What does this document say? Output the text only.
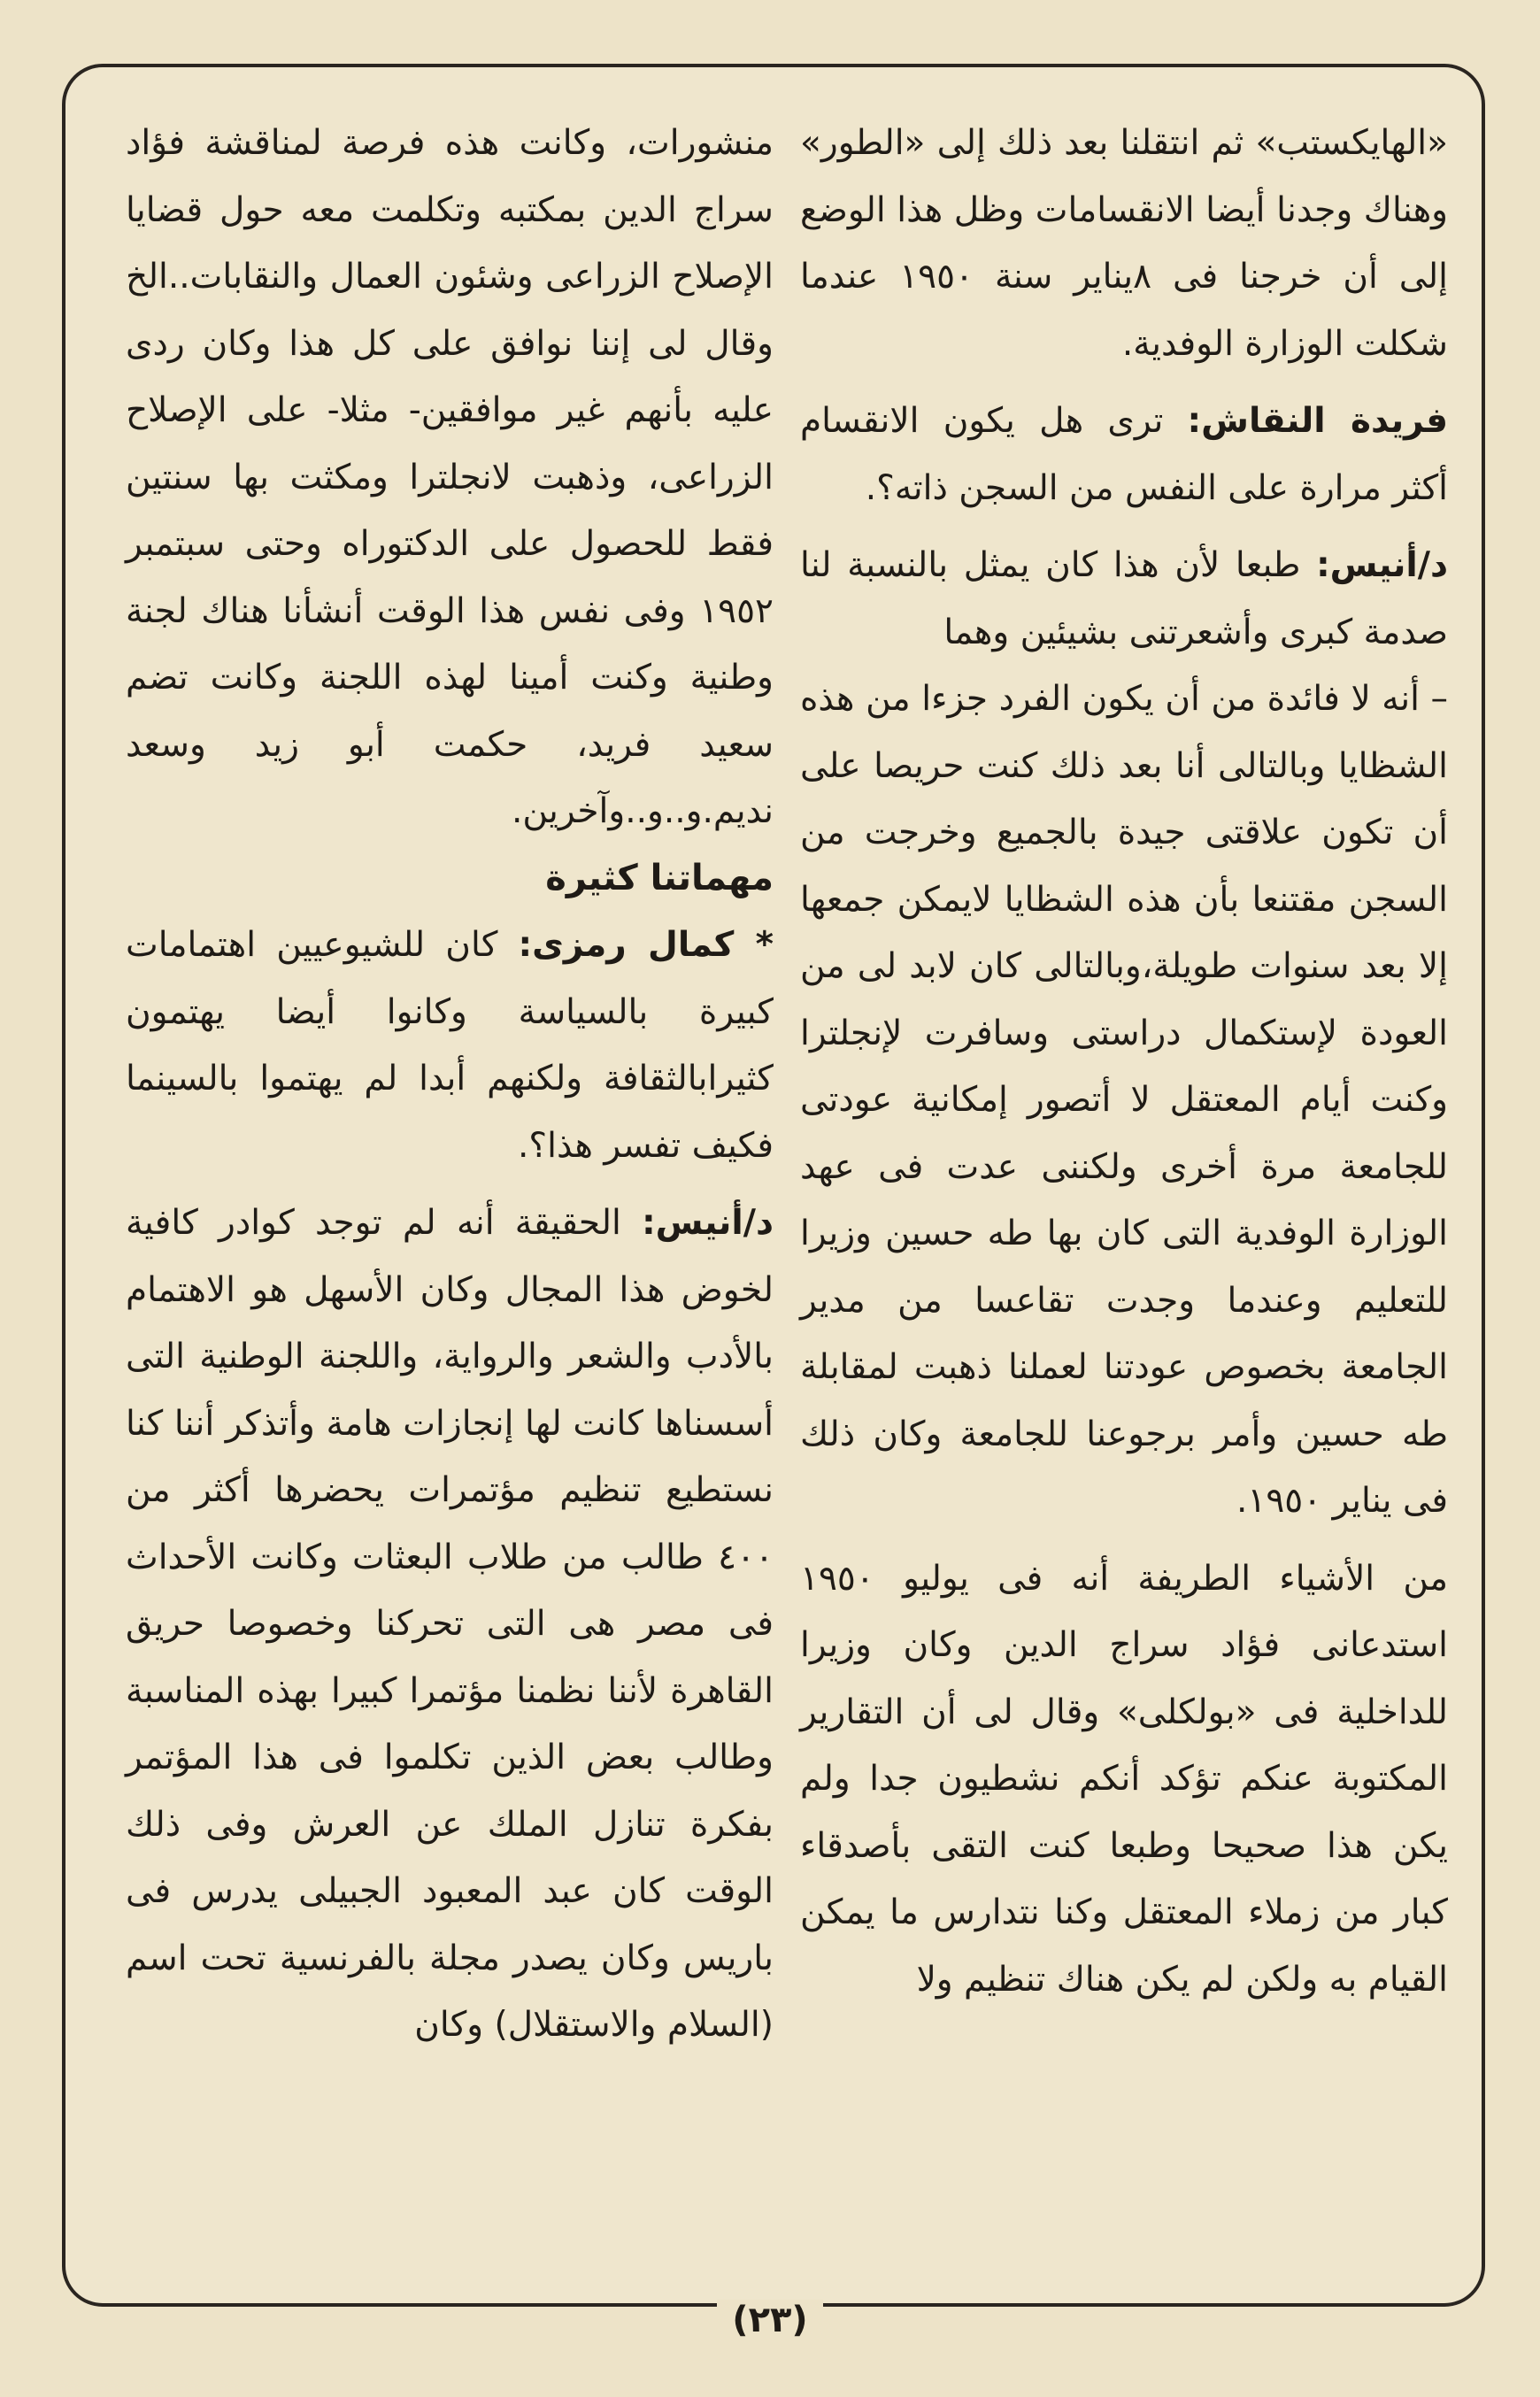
«الهايكستب» ثم انتقلنا بعد ذلك إلى «الطور» وهناك وجدنا أيضا الانقسامات وظل هذا الوضع إلى أن خرجنا فى ٨يناير سنة ١٩٥٠ عندما شكلت الوزارة الوفدية.

فريدة النقاش: ترى هل يكون الانقسام أكثر مرارة على النفس من السجن ذاته؟.

د/أنيس: طبعا لأن هذا كان يمثل بالنسبة لنا صدمة كبرى وأشعرتنى بشيئين وهما

– أنه لا فائدة من أن يكون الفرد جزءا من هذه الشظايا وبالتالى أنا بعد ذلك كنت حريصا على أن تكون علاقتى جيدة بالجميع وخرجت من السجن مقتنعا بأن هذه الشظايا لايمكن جمعها إلا بعد سنوات طويلة،وبالتالى كان لابد لى من العودة لإستكمال دراستى وسافرت لإنجلترا وكنت أيام المعتقل لا أتصور إمكانية عودتى للجامعة مرة أخرى ولكننى عدت فى عهد الوزارة الوفدية التى كان بها طه حسين وزيرا للتعليم وعندما وجدت تقاعسا من مدير الجامعة بخصوص عودتنا لعملنا ذهبت لمقابلة طه حسين وأمر برجوعنا للجامعة وكان ذلك فى يناير ١٩٥٠.

من الأشياء الطريفة أنه فى يوليو ١٩٥٠ استدعانى فؤاد سراج الدين وكان وزيرا للداخلية فى «بولكلى» وقال لى أن التقارير المكتوبة عنكم تؤكد أنكم نشطيون جدا ولم يكن هذا صحيحا وطبعا كنت التقى بأصدقاء كبار من زملاء المعتقل وكنا نتدارس ما يمكن القيام به ولكن لم يكن هناك تنظيم ولا

منشورات، وكانت هذه فرصة لمناقشة فؤاد سراج الدين بمكتبه وتكلمت معه حول قضايا الإصلاح الزراعى وشئون العمال والنقابات..الخ وقال لى إننا نوافق على كل هذا وكان ردى عليه بأنهم غير موافقين- مثلا- على الإصلاح الزراعى، وذهبت لانجلترا ومكثت بها سنتين فقط للحصول على الدكتوراه وحتى سبتمبر ١٩٥٢ وفى نفس هذا الوقت أنشأنا هناك لجنة وطنية وكنت أمينا لهذه اللجنة وكانت تضم سعيد فريد، حكمت أبو زيد وسعد نديم.و..و..وآخرين.

مهماتنا كثيرة

* كمال رمزى: كان للشيوعيين اهتمامات كبيرة بالسياسة وكانوا أيضا يهتمون كثيرابالثقافة ولكنهم أبدا لم يهتموا بالسينما فكيف تفسر هذا؟.

د/أنيس: الحقيقة أنه لم توجد كوادر كافية لخوض هذا المجال وكان الأسهل هو الاهتمام بالأدب والشعر والرواية، واللجنة الوطنية التى أسسناها كانت لها إنجازات هامة وأتذكر أننا كنا نستطيع تنظيم مؤتمرات يحضرها أكثر من ٤٠٠ طالب من طلاب البعثات وكانت الأحداث فى مصر هى التى تحركنا وخصوصا حريق القاهرة لأننا نظمنا مؤتمرا كبيرا بهذه المناسبة وطالب بعض الذين تكلموا فى هذا المؤتمر بفكرة تنازل الملك عن العرش وفى ذلك الوقت كان عبد المعبود الجبيلى يدرس فى باريس وكان يصدر مجلة بالفرنسية تحت اسم (السلام والاستقلال) وكان

(٢٣)
